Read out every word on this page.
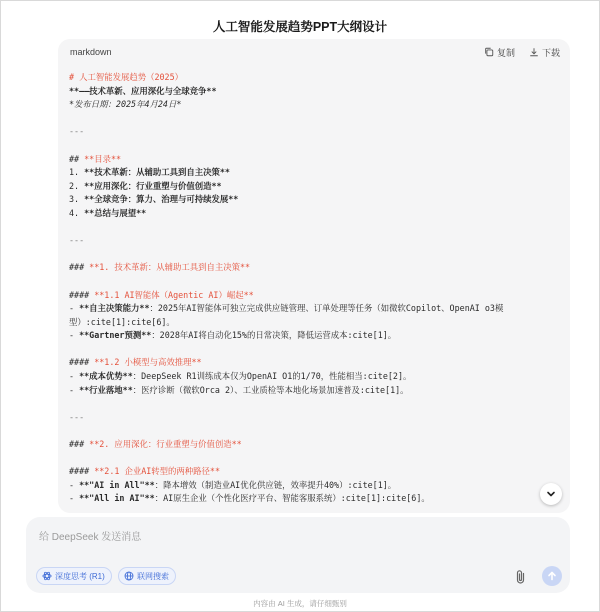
人工智能发展趋势PPT大纲设计
markdown	复制	下载
# 人工智能发展趋势（2025）
**——技术革新、应用深化与全球竞争**
*发布日期：2025年4月24日*
---
## **目录**
1. **技术革新：从辅助工具到自主决策**
2. **应用深化：行业重塑与价值创造**
3. **全球竞争：算力、治理与可持续发展**
4. **总结与展望**
---
### **1. 技术革新：从辅助工具到自主决策**
#### **1.1 AI智能体（Agentic AI）崛起**
- **自主决策能力**：2025年AI智能体可独立完成供应链管理、订单处理等任务（如微软Copilot、OpenAI o3模
型）:cite[1]:cite[6]。
- **Gartner预测**：2028年AI将自动化15%的日常决策，降低运营成本:cite[1]。
#### **1.2 小模型与高效推理**
- **成本优势**：DeepSeek R1训练成本仅为OpenAI O1的1/70，性能相当:cite[2]。
- **行业落地**：医疗诊断（微软Orca 2）、工业质检等本地化场景加速普及:cite[1]。
---
### **2. 应用深化：行业重塑与价值创造**
#### **2.1 企业AI转型的两种路径**
- **"AI in All"**：降本增效（制造业AI优化供应链，效率提升40%）:cite[1]。
- **"All in AI"**：AI原生企业（个性化医疗平台、智能客服系统）:cite[1]:cite[6]。
给 DeepSeek 发送消息
深度思考 (R1)	联网搜索
内容由 AI 生成，请仔细甄别
